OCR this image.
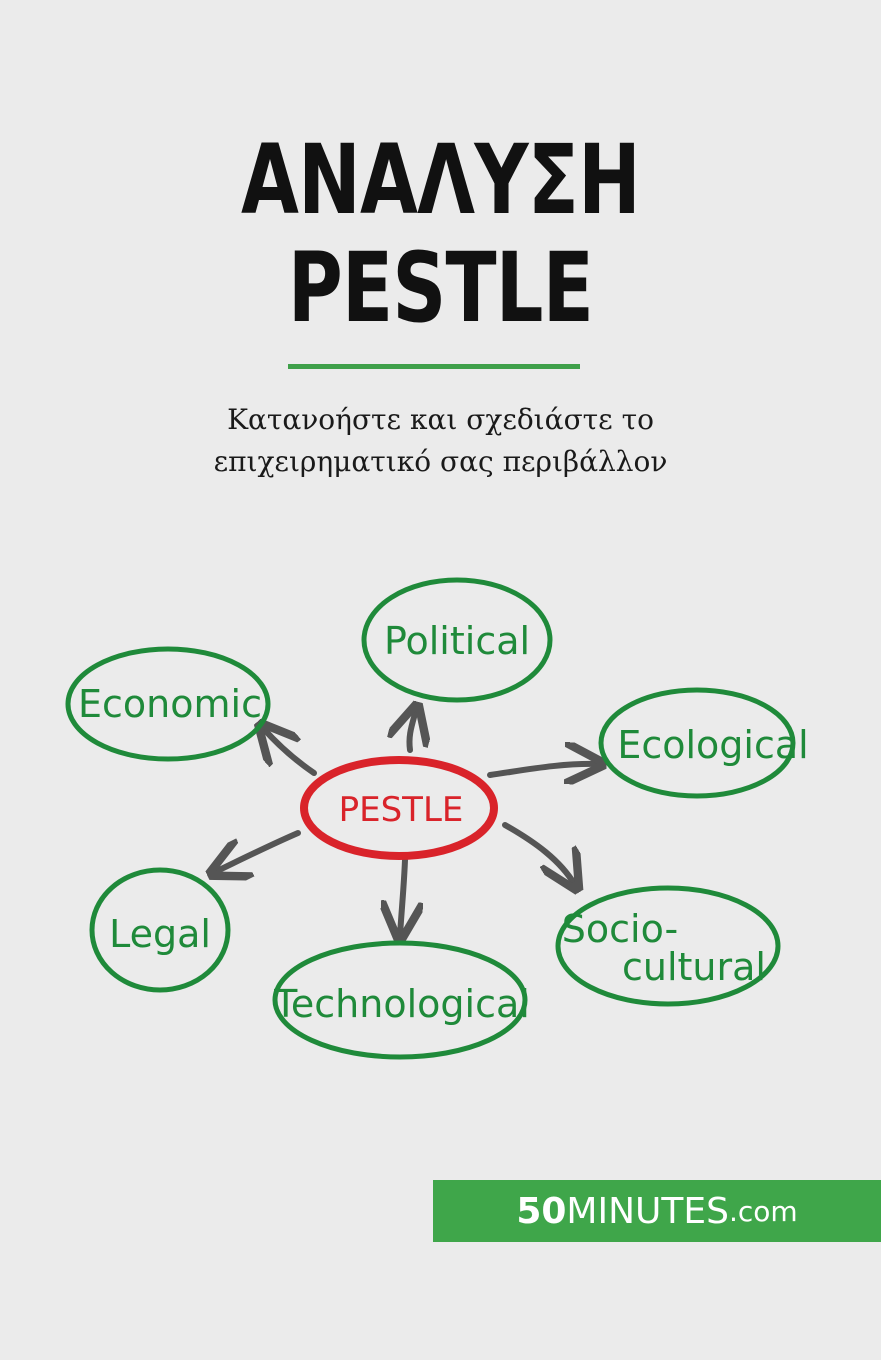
ΑΝΑΛΥΣΗ
PESTLE
Κατανοήστε και σχεδιάστε το
επιχειρηματικό σας περιβάλλον
PESTLE
Political
Economic
Ecological
Legal
Technological
Socio-
cultural
50 MINUTES .com
